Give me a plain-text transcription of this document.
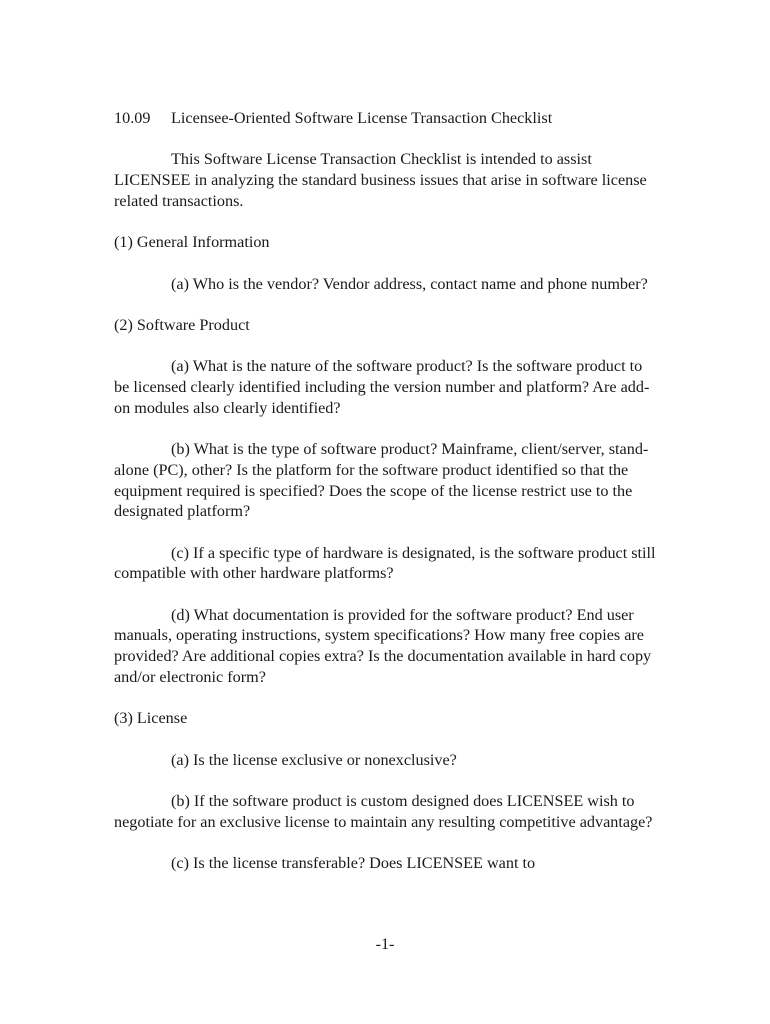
10.09 Licensee-Oriented Software License Transaction Checklist

This Software License Transaction Checklist is intended to assist LICENSEE in analyzing the standard business issues that arise in software license related transactions.

(1) General Information

(a) Who is the vendor? Vendor address, contact name and phone number?

(2) Software Product

(a) What is the nature of the software product? Is the software product to be licensed clearly identified including the version number and platform? Are add-on modules also clearly identified?

(b) What is the type of software product? Mainframe, client/server, stand-alone (PC), other? Is the platform for the software product identified so that the equipment required is specified? Does the scope of the license restrict use to the designated platform?

(c) If a specific type of hardware is designated, is the software product still compatible with other hardware platforms?

(d) What documentation is provided for the software product? End user manuals, operating instructions, system specifications? How many free copies are provided? Are additional copies extra? Is the documentation available in hard copy and/or electronic form?

(3) License

(a) Is the license exclusive or nonexclusive?

(b) If the software product is custom designed does LICENSEE wish to negotiate for an exclusive license to maintain any resulting competitive advantage?

(c) Is the license transferable? Does LICENSEE want to

-1-
